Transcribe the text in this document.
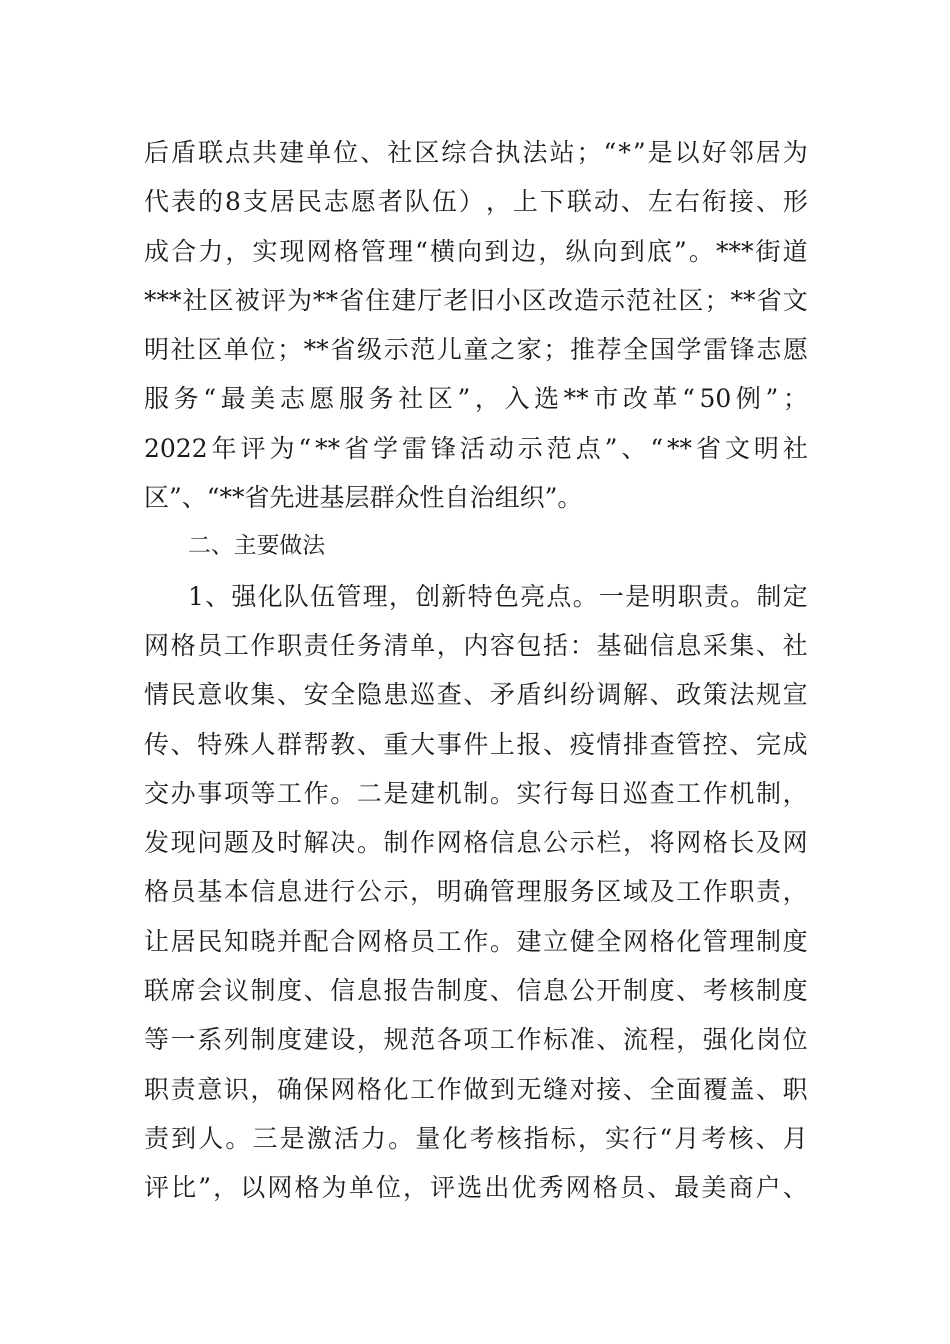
后 盾 联 点 共 建 单 位 、 社 区 综 合 执 法 站 ； “ * ” 是 以 好 邻 居 为
代 表 的 8 支 居 民 志 愿 者 队 伍 ） ， 上 下 联 动 、 左 右 衔 接 、 形
成 合 力 ， 实 现 网 格 管 理 “ 横 向 到 边 ， 纵 向 到 底 ” 。 *** 街 道
*** 社 区 被 评 为 ** 省 住 建 厅 老 旧 小 区 改 造 示 范 社 区 ； ** 省 文
明 社 区 单 位 ； ** 省 级 示 范 儿 童 之 家 ； 推 荐 全 国 学 雷 锋 志 愿
服 务 “ 最 美 志 愿 服 务 社 区 ” ， 入 选 ** 市 改 革 “ 50 例 ” ；
2022 年 评 为 “ ** 省 学 雷 锋 活 动 示 范 点 ” 、 “ ** 省 文 明 社
区”、“**省先进基层群众性自治组织”。
二、主要做法
1 、 强 化 队 伍 管 理 ， 创 新 特 色 亮 点 。 一 是 明 职 责 。 制 定
网 格 员 工 作 职 责 任 务 清 单 ， 内 容 包 括 ： 基 础 信 息 采 集 、 社
情 民 意 收 集 、 安 全 隐 患 巡 查 、 矛 盾 纠 纷 调 解 、 政 策 法 规 宣
传 、 特 殊 人 群 帮 教 、 重 大 事 件 上 报 、 疫 情 排 查 管 控 、 完 成
交 办 事 项 等 工 作 。 二 是 建 机 制 。 实 行 每 日 巡 查 工 作 机 制 ，
发 现 问 题 及 时 解 决 。 制 作 网 格 信 息 公 示 栏 ， 将 网 格 长 及 网
格 员 基 本 信 息 进 行 公 示 ， 明 确 管 理 服 务 区 域 及 工 作 职 责 ，
让 居 民 知 晓 并 配 合 网 格 员 工 作 。 建 立 健 全 网 格 化 管 理 制 度
联 席 会 议 制 度 、 信 息 报 告 制 度 、 信 息 公 开 制 度 、 考 核 制 度
等 一 系 列 制 度 建 设 ， 规 范 各 项 工 作 标 准 、 流 程 ， 强 化 岗 位
职 责 意 识 ， 确 保 网 格 化 工 作 做 到 无 缝 对 接 、 全 面 覆 盖 、 职
责 到 人 。 三 是 激 活 力 。 量 化 考 核 指 标 ， 实 行 “ 月 考 核 、 月
评 比 ” ， 以 网 格 为 单 位 ， 评 选 出 优 秀 网 格 员 、 最 美 商 户 、
